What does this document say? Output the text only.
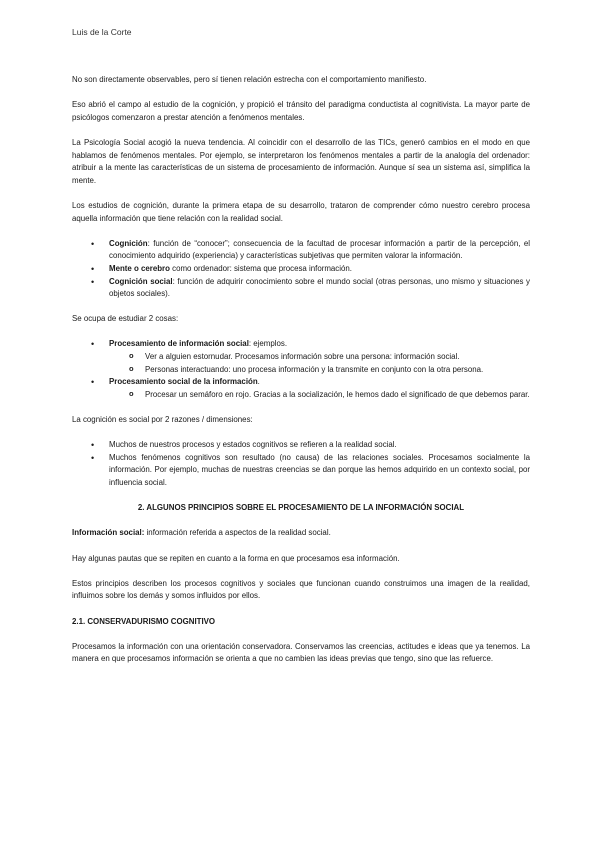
Luis de la Corte

No son directamente observables, pero sí tienen relación estrecha con el comportamiento manifiesto.

Eso abrió el campo al estudio de la cognición, y propició el tránsito del paradigma conductista al cognitivista. La mayor parte de psicólogos comenzaron a prestar atención a fenómenos mentales.

La Psicología Social acogió la nueva tendencia. Al coincidir con el desarrollo de las TICs, generó cambios en el modo en que hablamos de fenómenos mentales. Por ejemplo, se interpretaron los fenómenos mentales a partir de la analogía del ordenador: atribuir a la mente las características de un sistema de procesamiento de información. Aunque sí sea un sistema así, simplifica la mente.

Los estudios de cognición, durante la primera etapa de su desarrollo, trataron de comprender cómo nuestro cerebro procesa aquella información que tiene relación con la realidad social.

• Cognición: función de “conocer”; consecuencia de la facultad de procesar información a partir de la percepción, el conocimiento adquirido (experiencia) y características subjetivas que permiten valorar la información.
• Mente o cerebro como ordenador: sistema que procesa información.
• Cognición social: función de adquirir conocimiento sobre el mundo social (otras personas, uno mismo y situaciones y objetos sociales).

Se ocupa de estudiar 2 cosas:

• Procesamiento de información social: ejemplos.
o Ver a alguien estornudar. Procesamos información sobre una persona: información social.
o Personas interactuando: uno procesa información y la transmite en conjunto con la otra persona.
• Procesamiento social de la información.
o Procesar un semáforo en rojo. Gracias a la socialización, le hemos dado el significado de que debemos parar.

La cognición es social por 2 razones / dimensiones:

• Muchos de nuestros procesos y estados cognitivos se refieren a la realidad social.
• Muchos fenómenos cognitivos son resultado (no causa) de las relaciones sociales. Procesamos socialmente la información. Por ejemplo, muchas de nuestras creencias se dan porque las hemos adquirido en un contexto social, por influencia social.
2. ALGUNOS PRINCIPIOS SOBRE EL PROCESAMIENTO DE LA INFORMACIÓN SOCIAL

Información social: información referida a aspectos de la realidad social.

Hay algunas pautas que se repiten en cuanto a la forma en que procesamos esa información.

Estos principios describen los procesos cognitivos y sociales que funcionan cuando construimos una imagen de la realidad, influimos sobre los demás y somos influidos por ellos.

2.1. CONSERVADURISMO COGNITIVO

Procesamos la información con una orientación conservadora. Conservamos las creencias, actitudes e ideas que ya tenemos. La manera en que procesamos información se orienta a que no cambien las ideas previas que tengo, sino que las refuerce.
